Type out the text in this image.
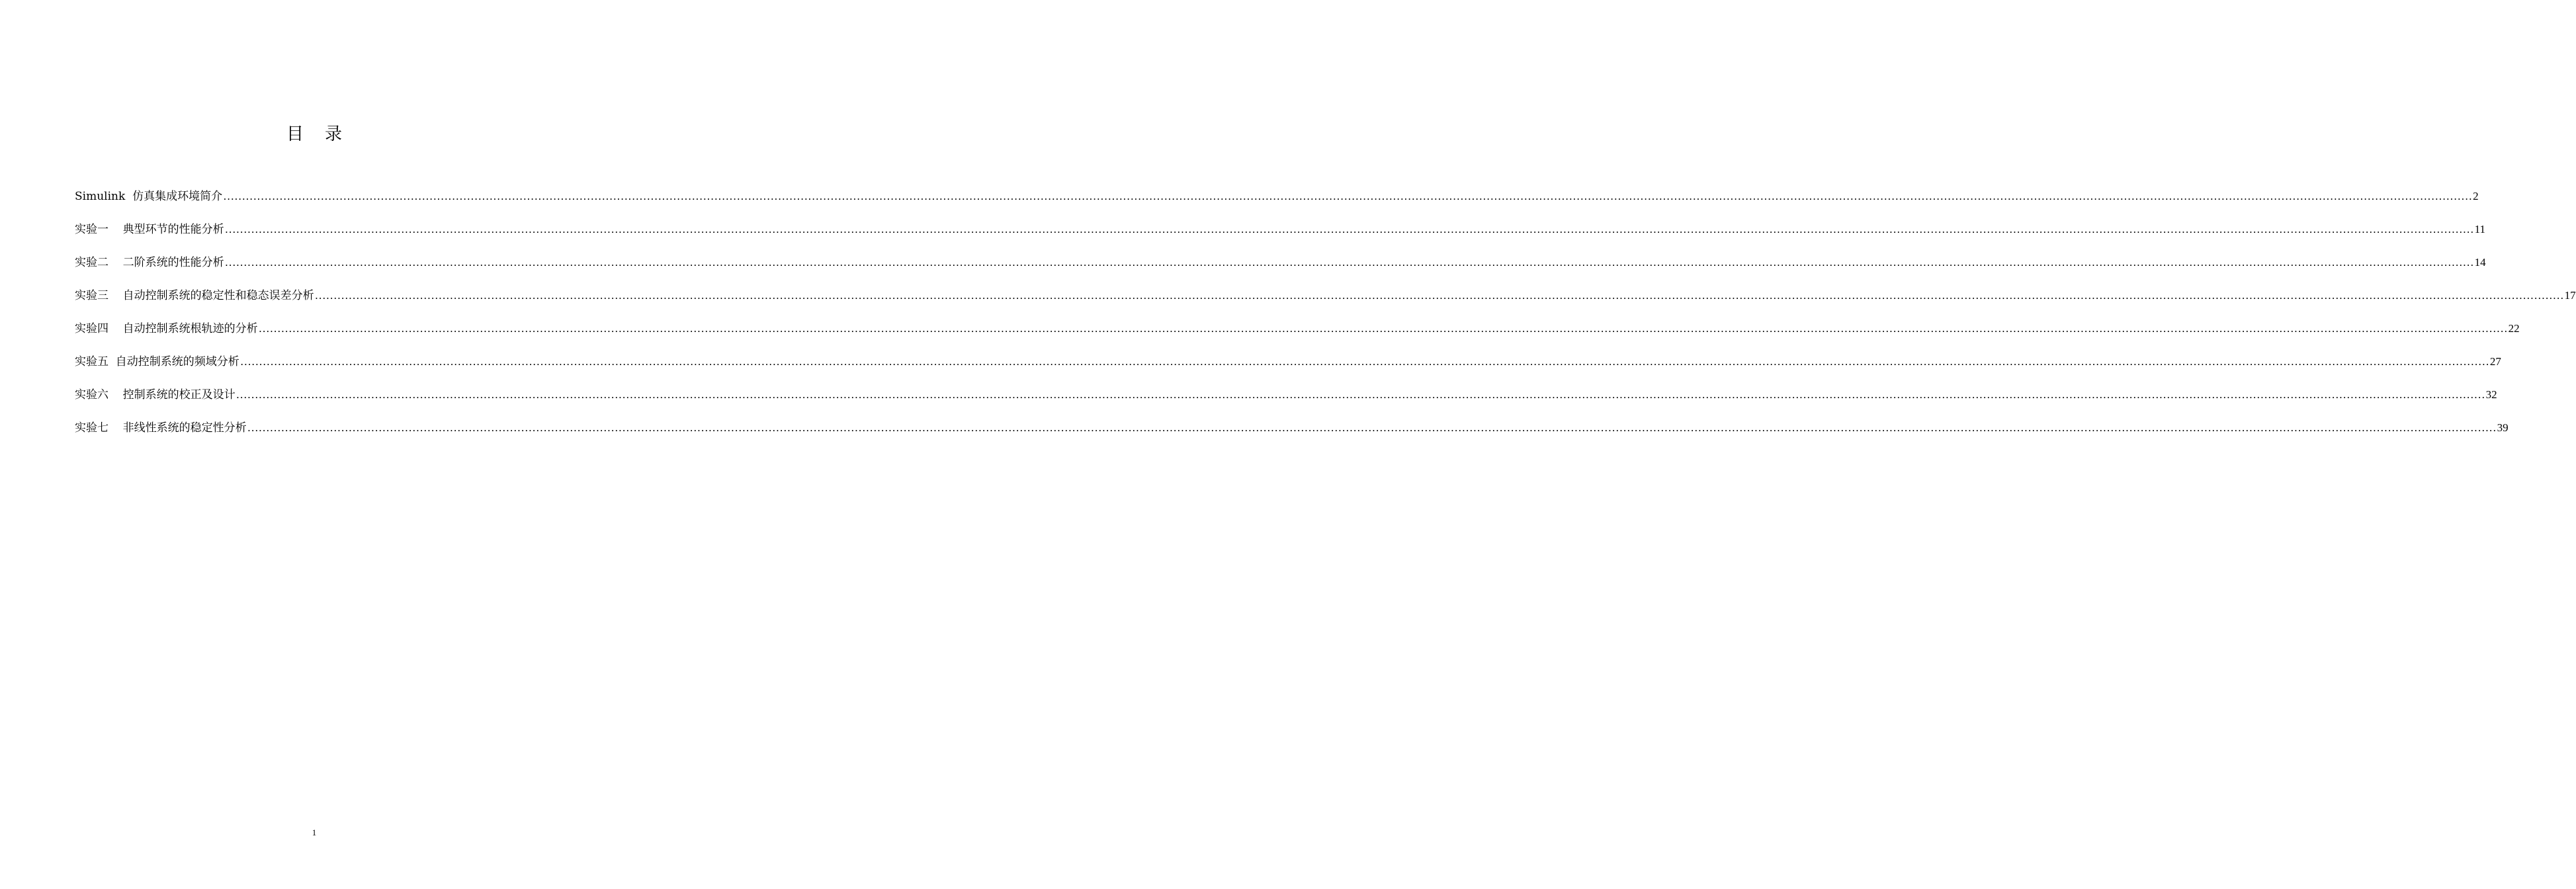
目 录
Simulink  仿真集成环境简介 …………………………………………………………………………………………………………………………………………………………………………………………………………………………………………………………………………………………………………………………………………………………………………………………………………………………………………………………………………………………………………………………………………………… 2
实验一    典型环节的性能分析 …………………………………………………………………………………………………………………………………………………………………………………………………………………………………………………………………………………………………………………………………………………………………………………………………………………………………………………………………………………………………………………………………………………… 11
实验二    二阶系统的性能分析 …………………………………………………………………………………………………………………………………………………………………………………………………………………………………………………………………………………………………………………………………………………………………………………………………………………………………………………………………………………………………………………………………………………… 14
实验三    自动控制系统的稳定性和稳态误差分析 …………………………………………………………………………………………………………………………………………………………………………………………………………………………………………………………………………………………………………………………………………………………………………………………………………………………………………………………………………………………………………………………………………………… 17
实验四    自动控制系统根轨迹的分析 …………………………………………………………………………………………………………………………………………………………………………………………………………………………………………………………………………………………………………………………………………………………………………………………………………………………………………………………………………………………………………………………………………………… 22
实验五  自动控制系统的频域分析 …………………………………………………………………………………………………………………………………………………………………………………………………………………………………………………………………………………………………………………………………………………………………………………………………………………………………………………………………………………………………………………………………………………… 27
实验六    控制系统的校正及设计 …………………………………………………………………………………………………………………………………………………………………………………………………………………………………………………………………………………………………………………………………………………………………………………………………………………………………………………………………………………………………………………………………………………… 32
实验七    非线性系统的稳定性分析 …………………………………………………………………………………………………………………………………………………………………………………………………………………………………………………………………………………………………………………………………………………………………………………………………………………………………………………………………………………………………………………………………………………… 39
1
